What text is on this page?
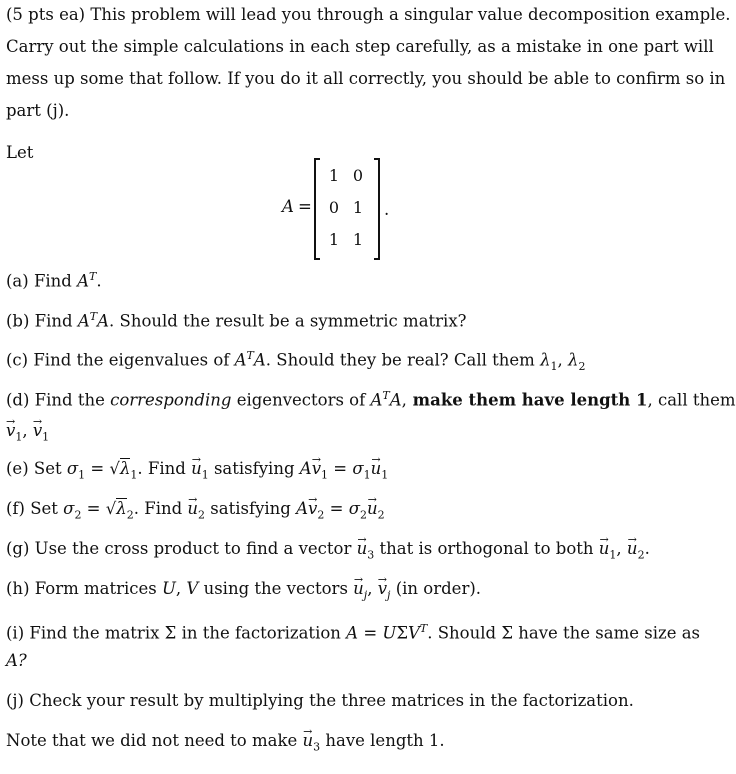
(5 pts ea) This problem will lead you through a singular value decomposition example.
Carry out the simple calculations in each step carefully, as a mistake in one part will
mess up some that follow. If you do it all correctly, you should be able to confirm so in
part (j).
Let
A =
1 0
0 1
1 1
.
(a) Find $A^T$.
(b) Find $A^TA$. Should the result be a symmetric matrix?
(c) Find the eigenvalues of $A^TA$. Should they be real? Call them $\lambda_1$, $\lambda_2$
(d) Find the corresponding eigenvectors of $A^TA$, make them have length 1, call them
→ $v_1$, → $v_1$
(e) Set $\sigma_1 = √\lambda_1$. Find → $u_1$ satisfying $A\to v_1 = \sigma_1\to u_1$
(f) Set $\sigma_2 = √\lambda_2$. Find → $u_2$ satisfying $A\to v_2 = \sigma_2\to u_2$
(g) Use the cross product to find a vector → $u_3$ that is orthogonal to both → $u_1$, → $u_2$.
(h) Form matrices U, V using the vectors → $u_j$, → $v_j$ (in order).
(i) Find the matrix Σ in the factorization $A = U\Sigma V^T$. Should Σ have the same size as
A?
(j) Check your result by multiplying the three matrices in the factorization.
Note that we did not need to make → $u_3$ have length 1.
